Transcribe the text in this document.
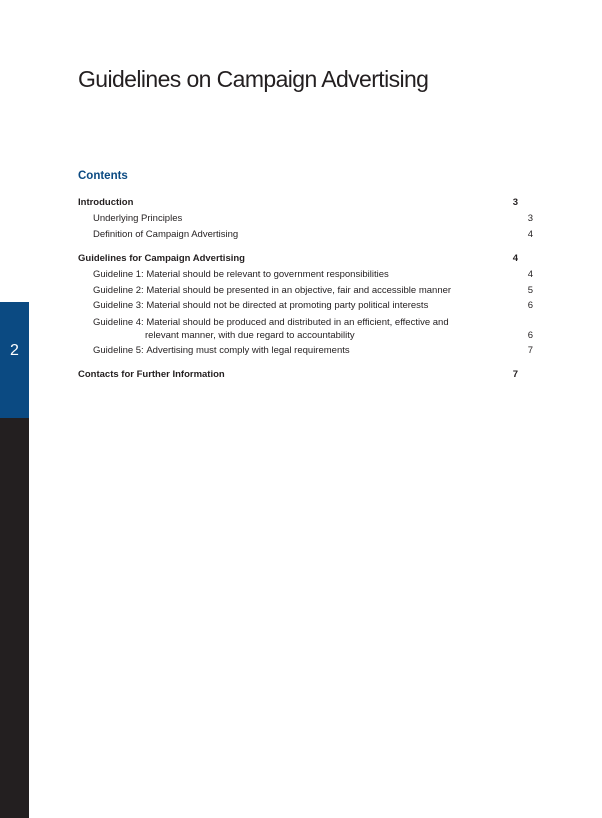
2
Guidelines on Campaign Advertising
Contents
Introduction	3
Underlying Principles	3
Definition of Campaign Advertising	4
Guidelines for Campaign Advertising	4
Guideline 1: Material should be relevant to government responsibilities	4
Guideline 2: Material should be presented in an objective, fair and accessible manner	5
Guideline 3: Material should not be directed at promoting party political interests	6
Guideline 4: Material should be produced and distributed in an efficient, effective and
relevant manner, with due regard to accountability	6
Guideline 5: Advertising must comply with legal requirements	7
Contacts for Further Information	7
